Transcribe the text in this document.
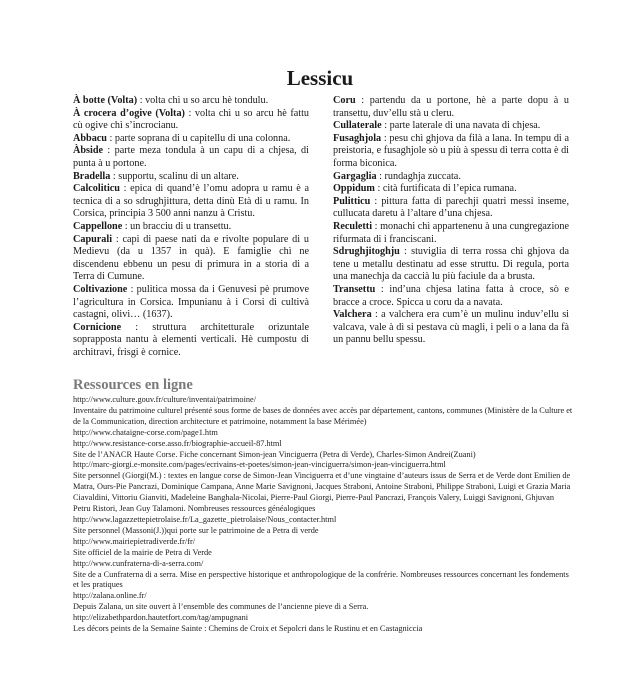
Lessicu

À botte (Volta) : volta chì u so arcu hè tondulu.

À crocera d’ogive (Volta) : volta chì u so arcu hè fattu cù ogive chì s’incrocianu.

Abbacu : parte soprana di u capitellu di una colonna.

Àbside : parte meza tondula à un capu di a chjesa, di punta à u portone.

Bradella : supportu, scalinu di un altare.

Calcoliticu : epica di quand’è l’omu adopra u ramu è a tecnica di a so sdrughjittura, detta dinù Età di u ramu. In Corsica, principia 3 500 anni nanzu à Cristu.

Cappellone : un bracciu di u transettu.

Capurali : capi di paese nati da e rivolte populare di u Medievu (da u 1357 in quà). E famiglie chì ne discendenu ebbenu un pesu di primura in a storia di a Terra di Cumune.

Coltivazione : pulitica mossa da i Genuvesi pè prumove l’agricultura in Corsica. Impunianu à i Corsi di cultivà castagni, olivi… (1637).

Cornicione : struttura architetturale orizuntale soprapposta nantu à elementi verticali. Hè cumpostu di architravi, frisgi è cornice.

Coru : partendu da u portone, hè a parte dopu à u transettu, duv’ellu stà u cleru.

Cullaterale : parte laterale di una navata di chjesa.

Fusaghjola : pesu chì ghjova da filà a lana. In tempu di a preistoria, e fusaghjole sò u più à spessu di terra cotta è di forma biconica.

Gargaglia : rundaghja zuccata.

Oppidum : cità furtificata di l’epica rumana.

Pulitticu : pittura fatta di parechji quatri messi inseme, cullucata daretu à l’altare d’una chjesa.

Reculetti : monachi chì appartenenu à una cungregazione rifurmata di i franciscani.

Sdrughjitoghju : stuviglia di terra rossa chì ghjova da tene u metallu destinatu ad esse struttu. Di regula, porta una manechja da caccià lu più faciule da a brusta.

Transettu : ind’una chjesa latina fatta à croce, sò e bracce a croce. Spicca u coru da a navata.

Valchera : a valchera era cum’è un mulinu induv’ellu si valcava, vale à dì si pestava cù magli, i peli o a lana da fà un pannu bellu spessu.

Ressources en ligne
http://www.culture.gouv.fr/culture/inventai/patrimoine/
Inventaire du patrimoine culturel présenté sous forme de bases de données avec accès par département, cantons, communes (Ministère de la Culture et de la Communication, direction architecture et patrimoine, notamment la base Mérimée)
http://www.chataigne-corse.com/page1.htm
http://www.resistance-corse.asso.fr/biographie-accueil-87.html
Site de l’ANACR Haute Corse. Fiche concernant Simon-jean Vinciguerra (Petra di Verde), Charles-Simon Andrei(Zuani)
http://marc-giorgi.e-monsite.com/pages/ecrivains-et-poetes/simon-jean-vinciguerra/simon-jean-vinciguerra.html
Site personnel (Giorgi(M.) : textes en langue corse de Simon-Jean Vinciguerra et d’une vingtaine d’auteurs issus de Serra et de Verde dont Emilien de Matra, Ours-Pie Pancrazi, Dominique Campana, Anne Marie Savignoni, Jacques Straboni, Antoine Straboni, Philippe Straboni, Luigi et Grazia Maria Ciavaldini, Vittoriu Gianviti, Madeleine Banghala-Nicolai, Pierre-Paul Giorgi, Pierre-Paul Pancrazi, François Valery, Luiggi Savignoni, Ghjuvan Petru Ristori, Jean Guy Talamoni. Nombreuses ressources généalogiques
http://www.lagazzettepietrolaise.fr/La_gazette_pietrolaise/Nous_contacter.html
Site personnel (Massoni(J.))qui porte sur le patrimoine de a Petra di verde
http://www.mairiepietradiverde.fr/fr/
Site officiel de la mairie de Petra di Verde
http://www.cunfraterna-di-a-serra.com/
Site de a Cunfraterna di a serra. Mise en perspective historique et anthropologique de la confrérie. Nombreuses ressources concernant les fondements et les pratiques
http://zalana.online.fr/
Depuis Zalana, un site ouvert à l’ensemble des communes de l’ancienne pieve di a Serra.
http://elizabethpardon.hautetfort.com/tag/ampugnani
Les décors peints de la Semaine Sainte : Chemins de Croix et Sepolcri dans le Rustinu et en Castagniccia
